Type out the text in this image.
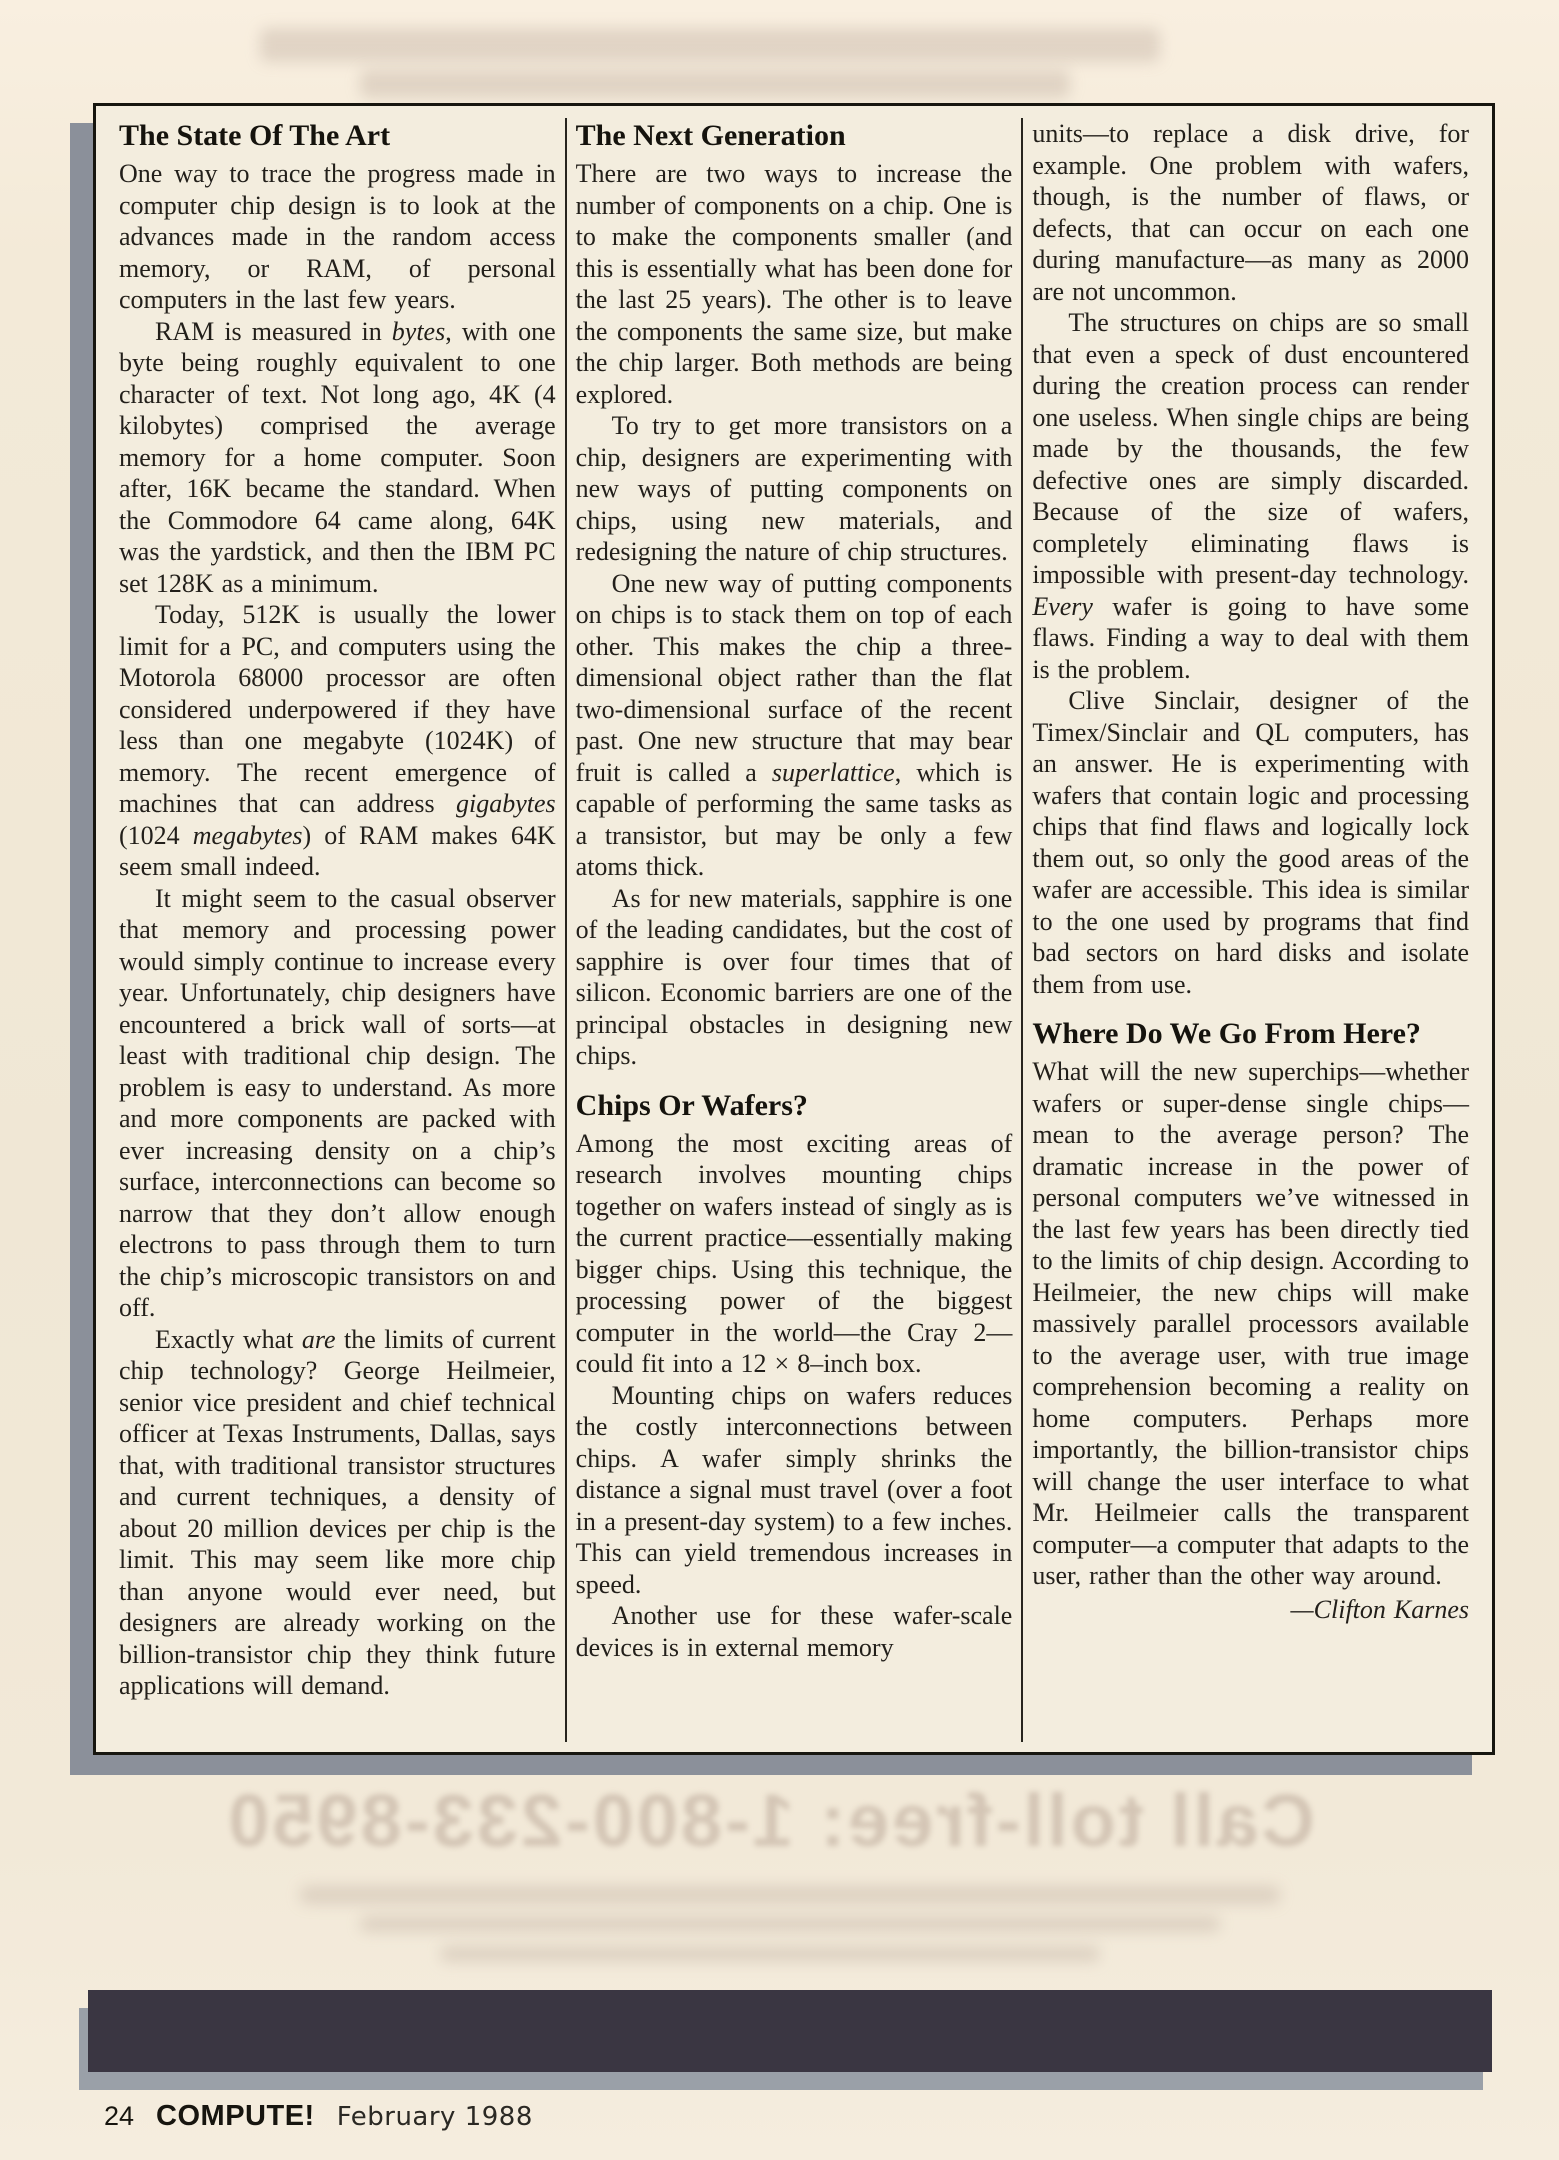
Call toll-free: 1-800-233-8950
The State Of The Art

One way to trace the progress made in computer chip design is to look at the advances made in the random access memory, or RAM, of personal computers in the last few years.

RAM is measured in bytes, with one byte being roughly equivalent to one character of text. Not long ago, 4K (4 kilobytes) comprised the average memory for a home computer. Soon after, 16K became the standard. When the Commodore 64 came along, 64K was the yardstick, and then the IBM PC set 128K as a minimum.

Today, 512K is usually the lower limit for a PC, and computers using the Motorola 68000 processor are often considered underpowered if they have less than one megabyte (1024K) of memory. The recent emergence of machines that can address gigabytes (1024 megabytes) of RAM makes 64K seem small indeed.

It might seem to the casual observer that memory and processing power would simply continue to increase every year. Unfortunately, chip designers have encountered a brick wall of sorts—at least with traditional chip design. The problem is easy to understand. As more and more components are packed with ever increasing density on a chip’s surface, interconnections can become so narrow that they don’t allow enough electrons to pass through them to turn the chip’s microscopic transistors on and off.

Exactly what are the limits of current chip technology? George Heilmeier, senior vice president and chief technical officer at Texas Instruments, Dallas, says that, with traditional transistor structures and current techniques, a density of about 20 million devices per chip is the limit. This may seem like more chip than anyone would ever need, but designers are already working on the billion-transistor chip they think future applications will demand.

The Next Generation

There are two ways to increase the number of components on a chip. One is to make the components smaller (and this is essentially what has been done for the last 25 years). The other is to leave the components the same size, but make the chip larger. Both methods are being explored.

To try to get more transistors on a chip, designers are experimenting with new ways of putting components on chips, using new materials, and redesigning the nature of chip structures.

One new way of putting components on chips is to stack them on top of each other. This makes the chip a three-dimensional object rather than the flat two-dimensional surface of the recent past. One new structure that may bear fruit is called a superlattice, which is capable of performing the same tasks as a transistor, but may be only a few atoms thick.

As for new materials, sapphire is one of the leading candidates, but the cost of sapphire is over four times that of silicon. Economic barriers are one of the principal obstacles in designing new chips.

Chips Or Wafers?

Among the most exciting areas of research involves mounting chips together on wafers instead of singly as is the current practice—essentially making bigger chips. Using this technique, the processing power of the biggest computer in the world—the Cray 2—could fit into a 12 × 8–inch box.

Mounting chips on wafers reduces the costly interconnections between chips. A wafer simply shrinks the distance a signal must travel (over a foot in a present-day system) to a few inches. This can yield tremendous increases in speed.

Another use for these wafer-scale devices is in external memory

units—to replace a disk drive, for example. One problem with wafers, though, is the number of flaws, or defects, that can occur on each one during manufacture—as many as 2000 are not uncommon.

The structures on chips are so small that even a speck of dust encountered during the creation process can render one useless. When single chips are being made by the thousands, the few defective ones are simply discarded. Because of the size of wafers, completely eliminating flaws is impossible with present-day technology. Every wafer is going to have some flaws. Finding a way to deal with them is the problem.

Clive Sinclair, designer of the Timex/Sinclair and QL computers, has an answer. He is experimenting with wafers that contain logic and processing chips that find flaws and logically lock them out, so only the good areas of the wafer are accessible. This idea is similar to the one used by programs that find bad sectors on hard disks and isolate them from use.

Where Do We Go From Here?

What will the new superchips—whether wafers or super-dense single chips—mean to the average person? The dramatic increase in the power of personal computers we’ve witnessed in the last few years has been directly tied to the limits of chip design. According to Heilmeier, the new chips will make massively parallel processors available to the average user, with true image comprehension becoming a reality on home computers. Perhaps more importantly, the billion-transistor chips will change the user interface to what Mr. Heilmeier calls the transparent computer—a computer that adapts to the user, rather than the other way around.

—Clifton Karnes

24 COMPUTE! February 1988
